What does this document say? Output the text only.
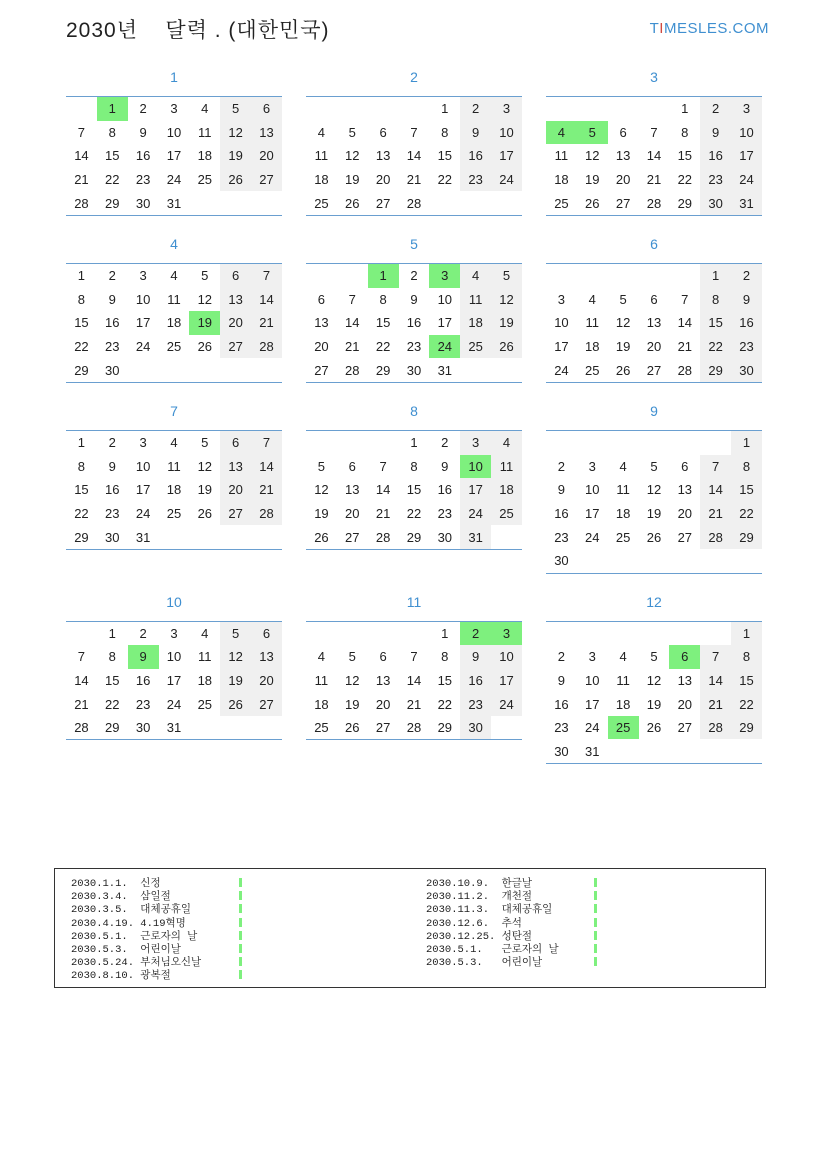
2030년    달력 . (대한민국)	TIMESLES.COM
1
	1	2	3	4	5	6
7	8	9	10	11	12	13
14	15	16	17	18	19	20
21	22	23	24	25	26	27
28	29	30	31			
2
				1	2	3
4	5	6	7	8	9	10
11	12	13	14	15	16	17
18	19	20	21	22	23	24
25	26	27	28			
3
				1	2	3
4	5	6	7	8	9	10
11	12	13	14	15	16	17
18	19	20	21	22	23	24
25	26	27	28	29	30	31
4
1	2	3	4	5	6	7
8	9	10	11	12	13	14
15	16	17	18	19	20	21
22	23	24	25	26	27	28
29	30					
5
		1	2	3	4	5
6	7	8	9	10	11	12
13	14	15	16	17	18	19
20	21	22	23	24	25	26
27	28	29	30	31		
6
					1	2
3	4	5	6	7	8	9
10	11	12	13	14	15	16
17	18	19	20	21	22	23
24	25	26	27	28	29	30
7
1	2	3	4	5	6	7
8	9	10	11	12	13	14
15	16	17	18	19	20	21
22	23	24	25	26	27	28
29	30	31				
8
			1	2	3	4
5	6	7	8	9	10	11
12	13	14	15	16	17	18
19	20	21	22	23	24	25
26	27	28	29	30	31	
9
						1
2	3	4	5	6	7	8
9	10	11	12	13	14	15
16	17	18	19	20	21	22
23	24	25	26	27	28	29
30						
10
	1	2	3	4	5	6
7	8	9	10	11	12	13
14	15	16	17	18	19	20
21	22	23	24	25	26	27
28	29	30	31			
11
				1	2	3
4	5	6	7	8	9	10
11	12	13	14	15	16	17
18	19	20	21	22	23	24
25	26	27	28	29	30	
12
						1
2	3	4	5	6	7	8
9	10	11	12	13	14	15
16	17	18	19	20	21	22
23	24	25	26	27	28	29
30	31					
2030.1.1.  신정
2030.3.4.  삼일절
2030.3.5.  대체공휴일
2030.4.19. 4.19혁명
2030.5.1.  근로자의 날
2030.5.3.  어린이날
2030.5.24. 부처님오신날
2030.8.10. 광복절
2030.10.9.  한글날
2030.11.2.  개천절
2030.11.3.  대체공휴일
2030.12.6.  추석
2030.12.25. 성탄절
2030.5.1.   근로자의 날
2030.5.3.   어린이날
